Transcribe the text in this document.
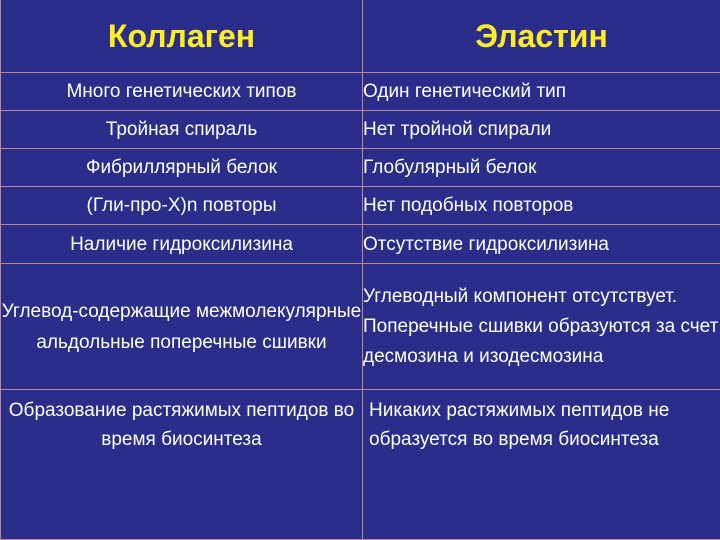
Коллаген	Эластин
Много генетических типов	Один генетический тип
Тройная спираль	Нет тройной спирали
Фибриллярный белок	Глобулярный белок
(Гли-про-Х)n повторы	Нет подобных повторов
Наличие гидроксилизина	Отсутствие гидроксилизина
Углевод-содержащие межмолекулярные альдольные поперечные сшивки	Углеводный компонент отсутствует. Поперечные сшивки образуются за счет десмозина и изодесмозина
Образование растяжимых пептидов во время биосинтеза	Никаких растяжимых пептидов не образуется во время биосинтеза
